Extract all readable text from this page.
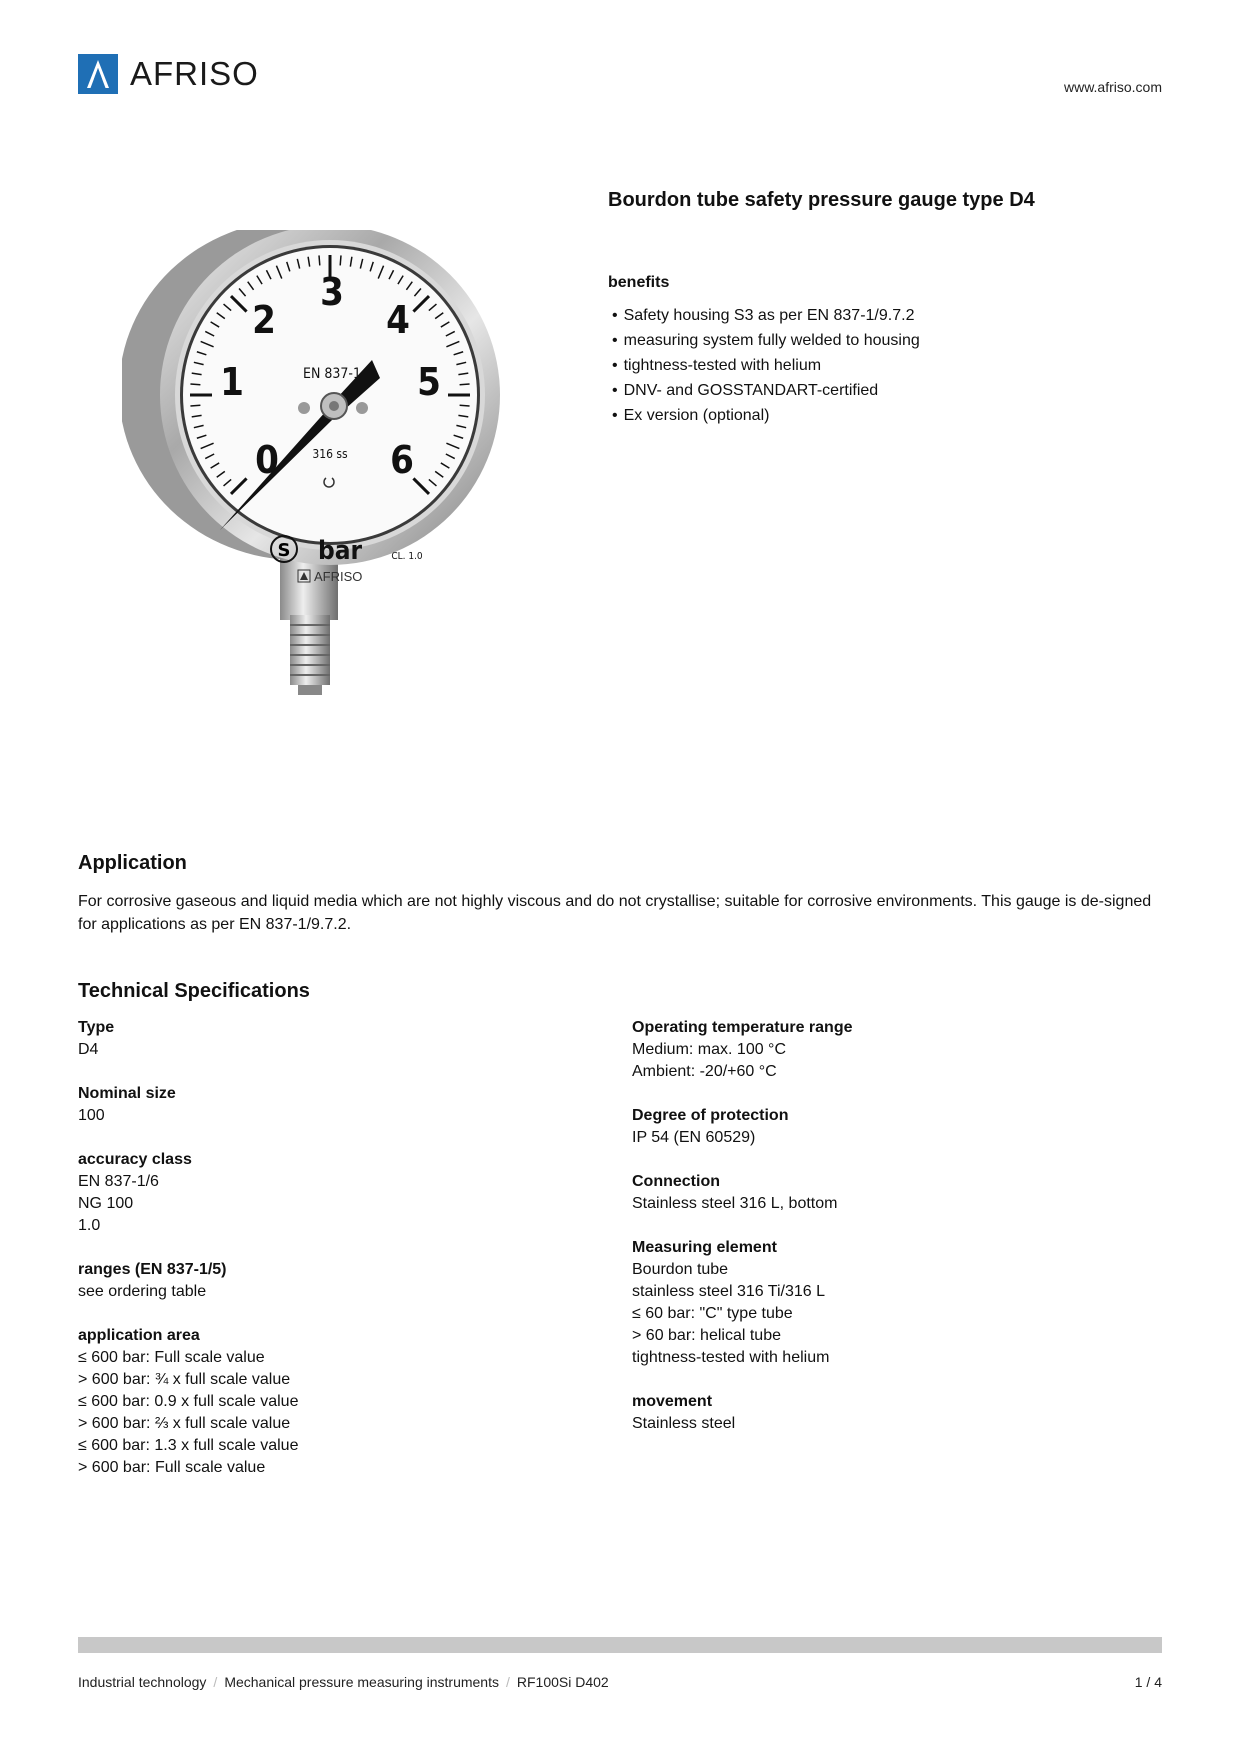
AFRISO	www.afriso.com
0
1
2
3
4
5
6
EN 837-1
316 ss
bar	CL. 1.0
S
AFRISO
Bourdon tube safety pressure gauge type D4
benefits
• Safety housing S3 as per EN 837-1/9.7.2
• measuring system fully welded to housing
• tightness-tested with helium
• DNV- and GOSSTANDART-certified
• Ex version (optional)
Application

For corrosive gaseous and liquid media which are not highly viscous and do not crystallise; suitable for corrosive environments. This gauge is de-signed for applications as per EN 837-1/9.7.2.

Technical Specifications
Type
D4
Nominal size
100
accuracy class
EN 837-1/6
NG 100
1.0
ranges (EN 837-1/5)
see ordering table
application area
≤ 600 bar: Full scale value
> 600 bar: ¾ x full scale value
≤ 600 bar: 0.9 x full scale value
> 600 bar: ⅔ x full scale value
≤ 600 bar: 1.3 x full scale value
> 600 bar: Full scale value
Operating temperature range
Medium: max. 100 °C
Ambient: -20/+60 °C
Degree of protection
IP 54 (EN 60529)
Connection
Stainless steel 316 L, bottom
Measuring element
Bourdon tube
stainless steel 316 Ti/316 L
≤ 60 bar: "C" type tube
> 60 bar: helical tube
tightness-tested with helium
movement
Stainless steel
Industrial technology / Mechanical pressure measuring instruments / RF100Si D402	1 / 4
